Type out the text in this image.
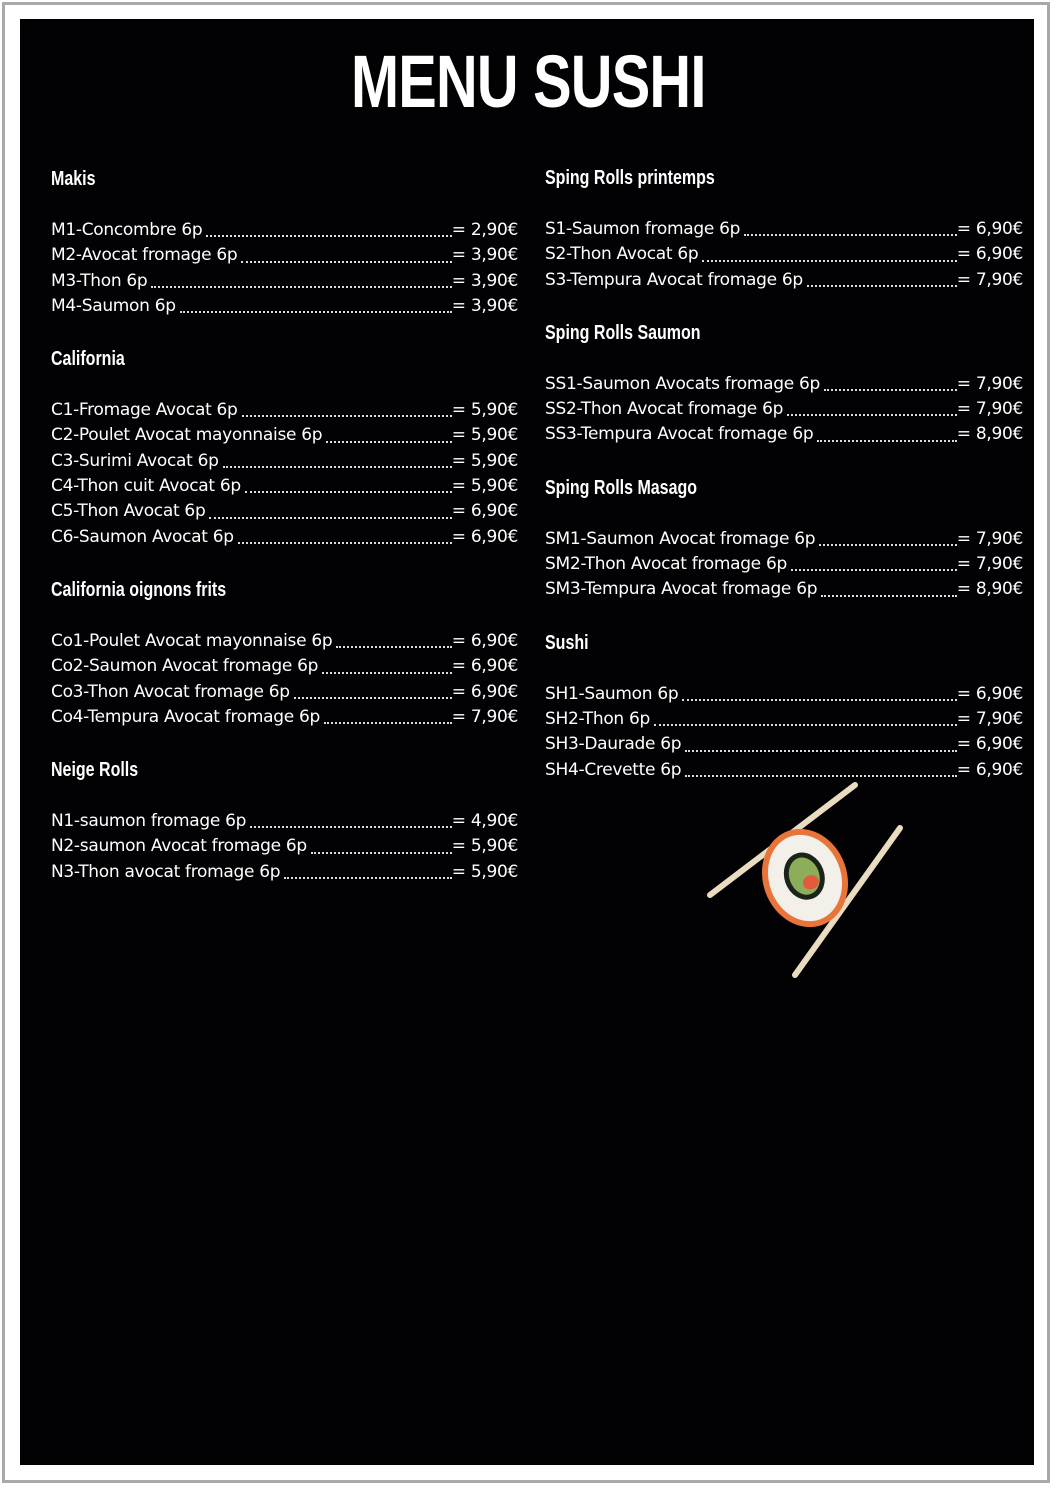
MENU SUSHI
Makis
M1-Concombre 6p	= 2,90€
M2-Avocat fromage 6p	= 3,90€
M3-Thon 6p	= 3,90€
M4-Saumon 6p	= 3,90€
California
C1-Fromage Avocat 6p	= 5,90€
C2-Poulet Avocat mayonnaise 6p	= 5,90€
C3-Surimi Avocat 6p	= 5,90€
C4-Thon cuit Avocat 6p	= 5,90€
C5-Thon Avocat 6p	= 6,90€
C6-Saumon Avocat 6p	= 6,90€
California oignons frits
Co1-Poulet Avocat mayonnaise 6p	= 6,90€
Co2-Saumon Avocat fromage 6p	= 6,90€
Co3-Thon Avocat fromage 6p	= 6,90€
Co4-Tempura Avocat fromage 6p	= 7,90€
Neige Rolls
N1-saumon fromage 6p	= 4,90€
N2-saumon Avocat fromage 6p	= 5,90€
N3-Thon avocat fromage 6p	= 5,90€
Sping Rolls printemps
S1-Saumon fromage 6p	= 6,90€
S2-Thon Avocat 6p	= 6,90€
S3-Tempura Avocat fromage 6p	= 7,90€
Sping Rolls Saumon
SS1-Saumon Avocats fromage 6p	= 7,90€
SS2-Thon Avocat fromage 6p	= 7,90€
SS3-Tempura Avocat fromage 6p	= 8,90€
Sping Rolls Masago
SM1-Saumon Avocat fromage 6p	= 7,90€
SM2-Thon Avocat fromage 6p	= 7,90€
SM3-Tempura Avocat fromage 6p	= 8,90€
Sushi
SH1-Saumon 6p	= 6,90€
SH2-Thon 6p	= 7,90€
SH3-Daurade 6p	= 6,90€
SH4-Crevette 6p	= 6,90€
